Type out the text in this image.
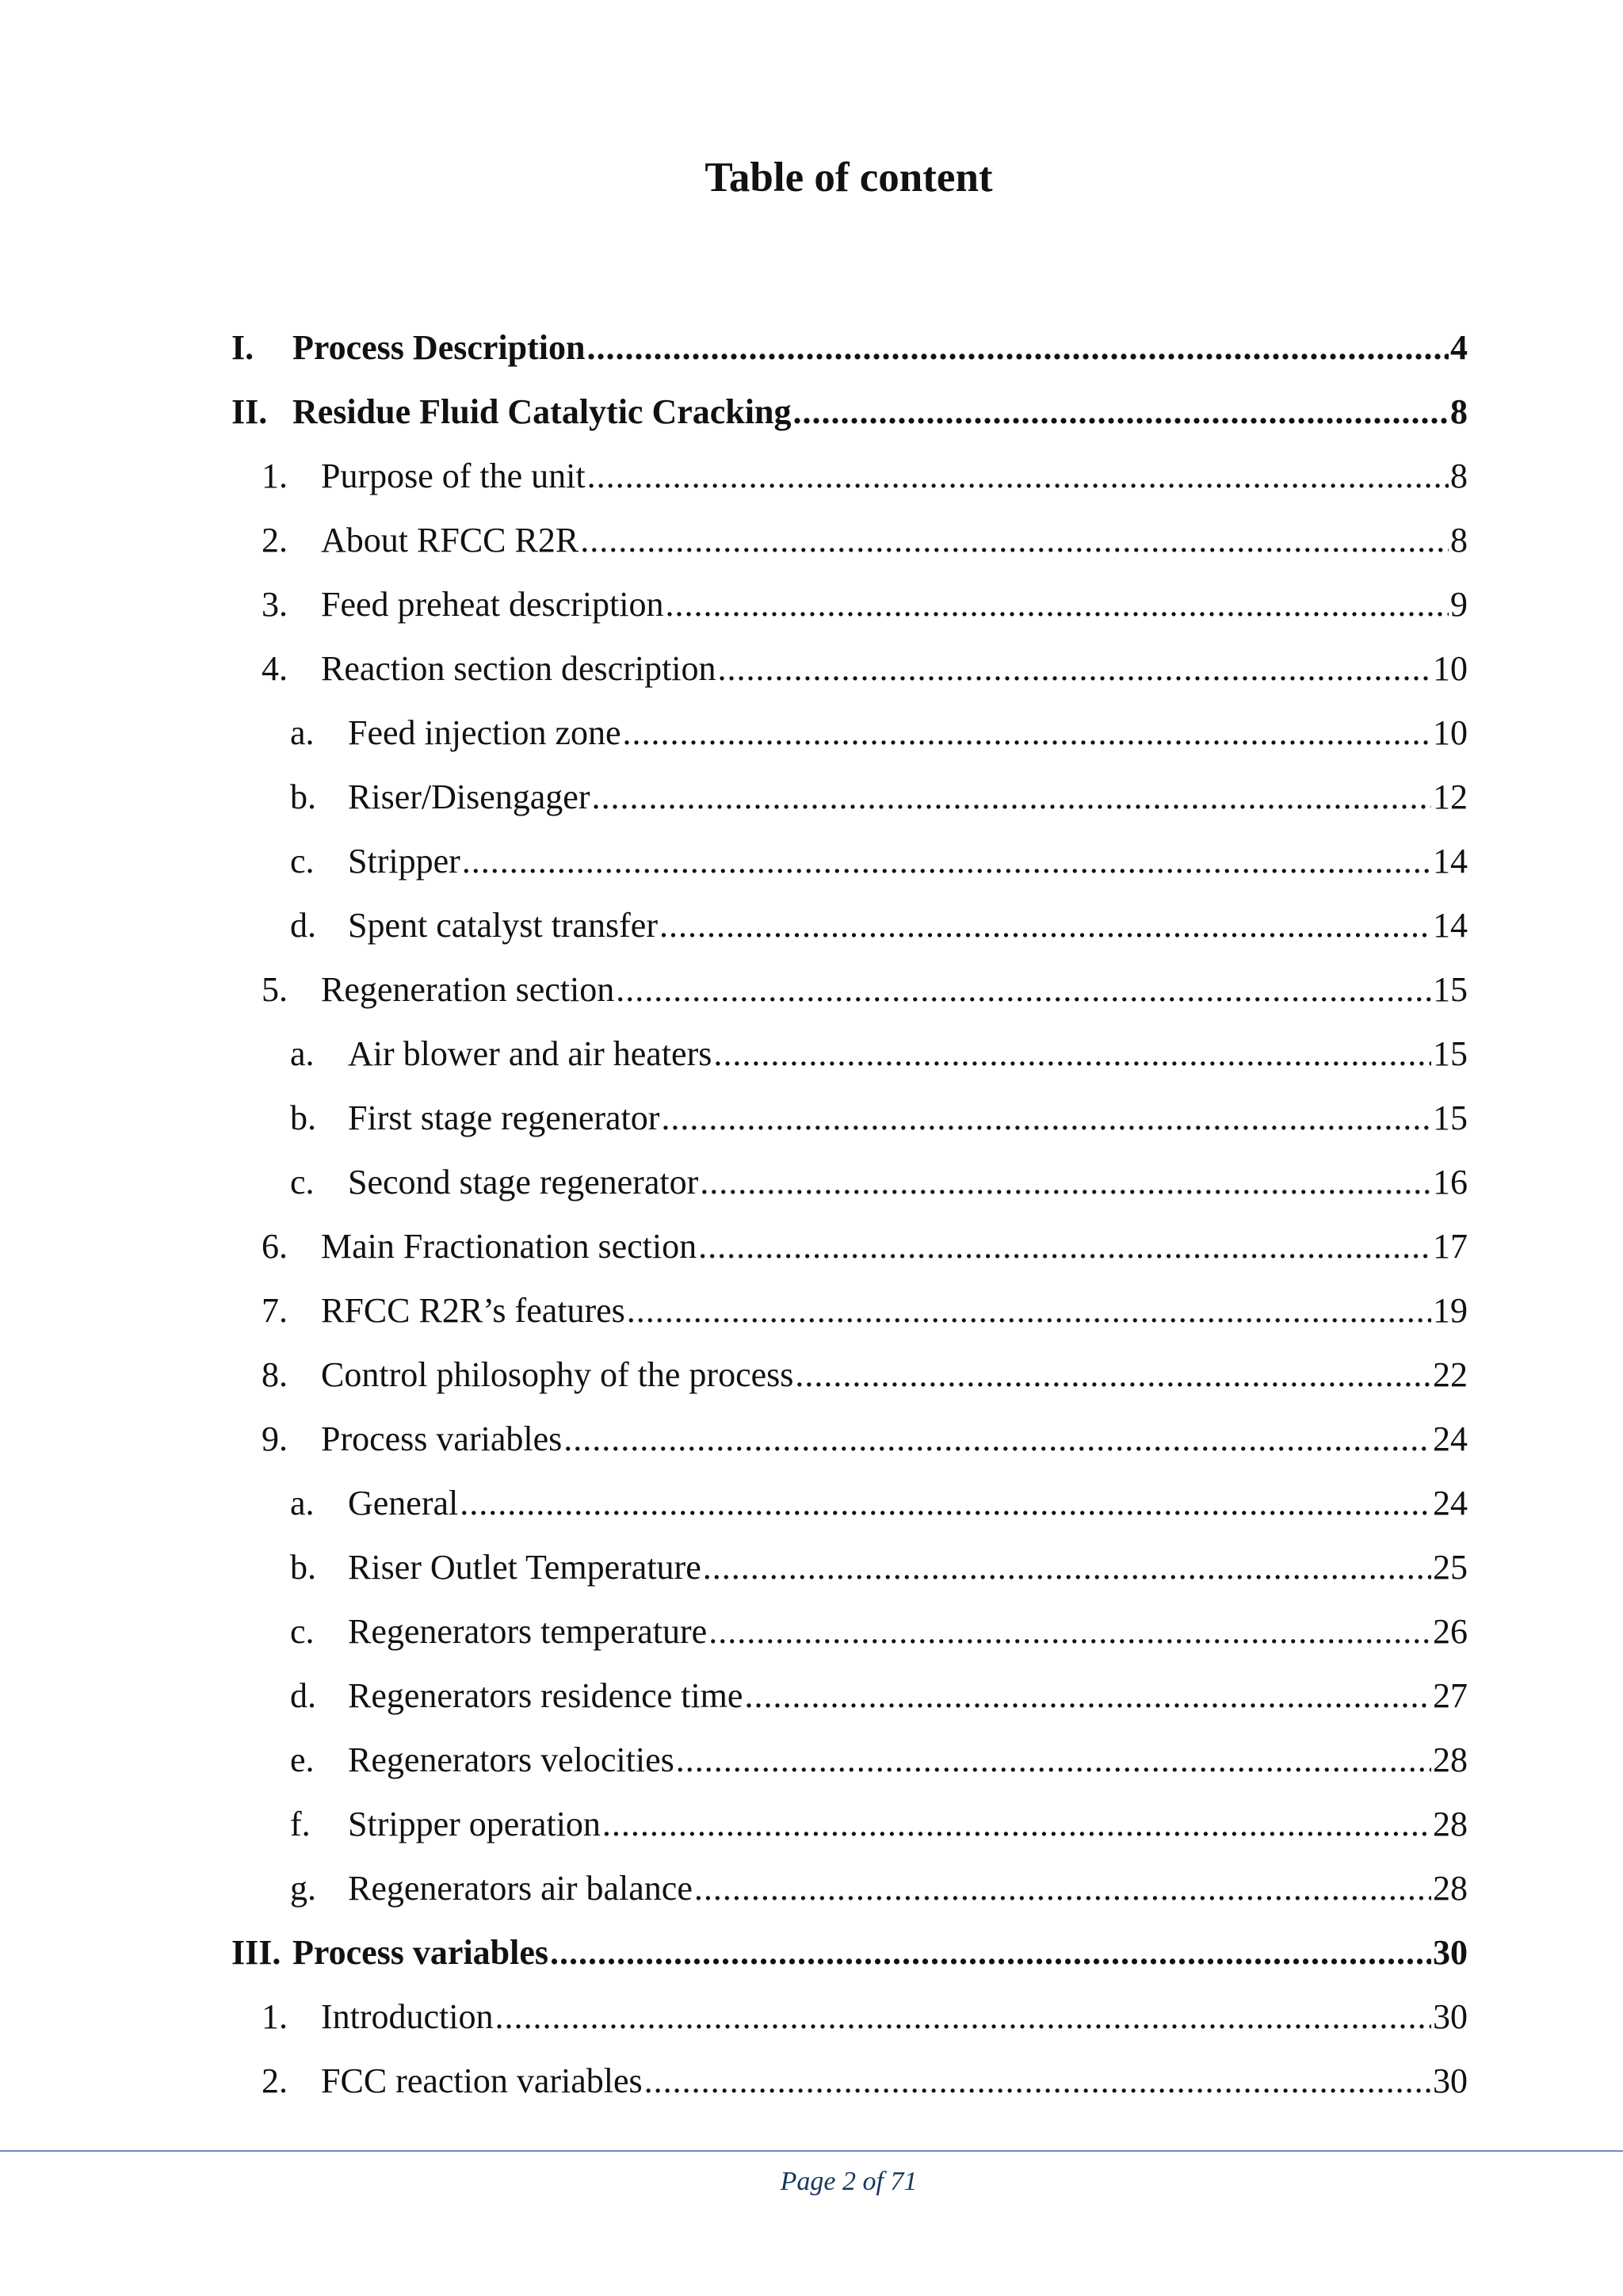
Table of content
I.	Process Description .....	4
II. Residue Fluid Catalytic Cracking .....	8
1. Purpose of the unit .....	8
2. About RFCC R2R .....	8
3. Feed preheat description .....	9
4. Reaction section description .....	10
a. Feed injection zone .....	10
b. Riser/Disengager .....	12
c. Stripper .....	14
d. Spent catalyst transfer .....	14
5. Regeneration section .....	15
a. Air blower and air heaters .....	15
b. First stage regenerator .....	15
c. Second stage regenerator .....	16
6. Main Fractionation section .....	17
7. RFCC R2R’s features .....	19
8. Control philosophy of the process .....	22
9. Process variables .....	24
a. General .....	24
b. Riser Outlet Temperature .....	25
c. Regenerators temperature .....	26
d. Regenerators residence time .....	27
e. Regenerators velocities .....	28
f.	Stripper operation .....	28
g. Regenerators air balance .....	28
III. Process variables .....	30
1. Introduction .....	30
2. FCC reaction variables .....	30
Page 2 of 71
